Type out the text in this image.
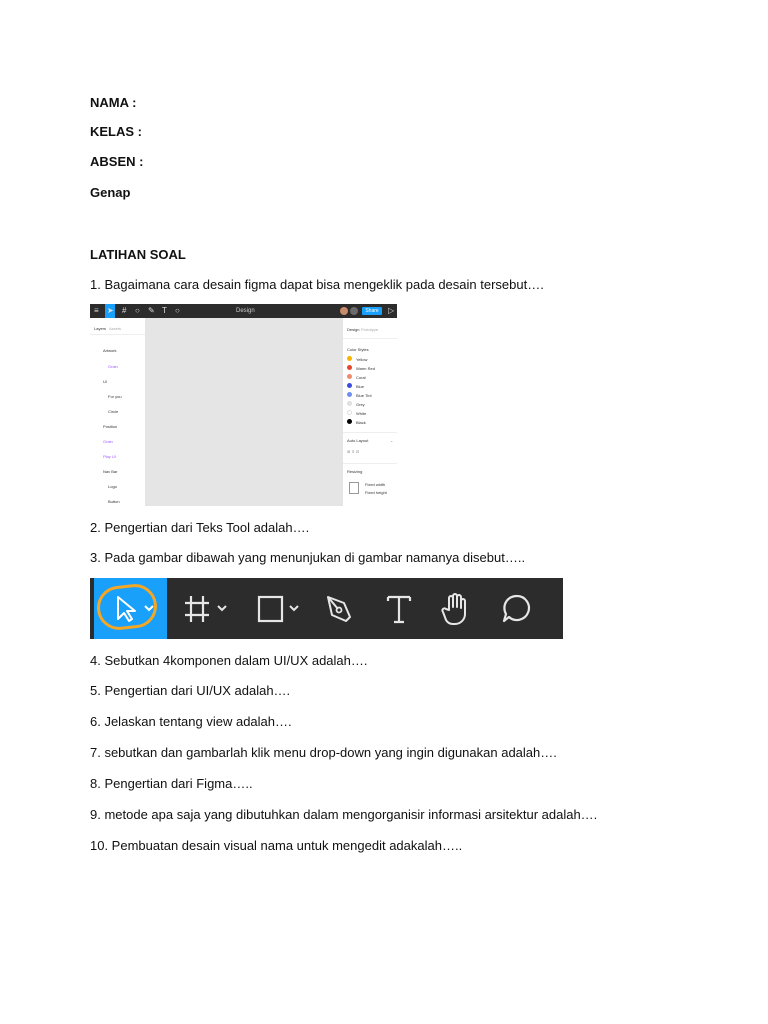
NAMA :
KELAS :
ABSEN :
Genap
LATIHAN SOAL
1. Bagaimana cara desain figma dapat bisa mengeklik pada desain tersebut….
≡ ➤ # ○ ✎ T ○	Design	Share	▷
Layers Assets
Artwork
Grain
UI
For you
Circle
Position
Grain
Play UI
Nav Bar
Logo
Button
Design Prototype
Color Styles
Yellow
Warm Red
Coral
Blue
Blue Tint
Grey
White
Black
Auto Layout	⌄
⊞ ⇕ ⊟
Resizing
Fixed width
Fixed height
2. Pengertian dari Teks Tool adalah….
3. Pada gambar dibawah yang menunjukan di gambar namanya disebut…..
4. Sebutkan 4komponen dalam UI/UX adalah….
5. Pengertian dari UI/UX adalah….
6. Jelaskan tentang view adalah….
7. sebutkan dan gambarlah klik menu drop-down yang ingin digunakan adalah….
8. Pengertian dari Figma…..
9. metode apa saja yang dibutuhkan dalam mengorganisir informasi arsitektur adalah….
10. Pembuatan desain visual nama untuk mengedit adakalah…..
